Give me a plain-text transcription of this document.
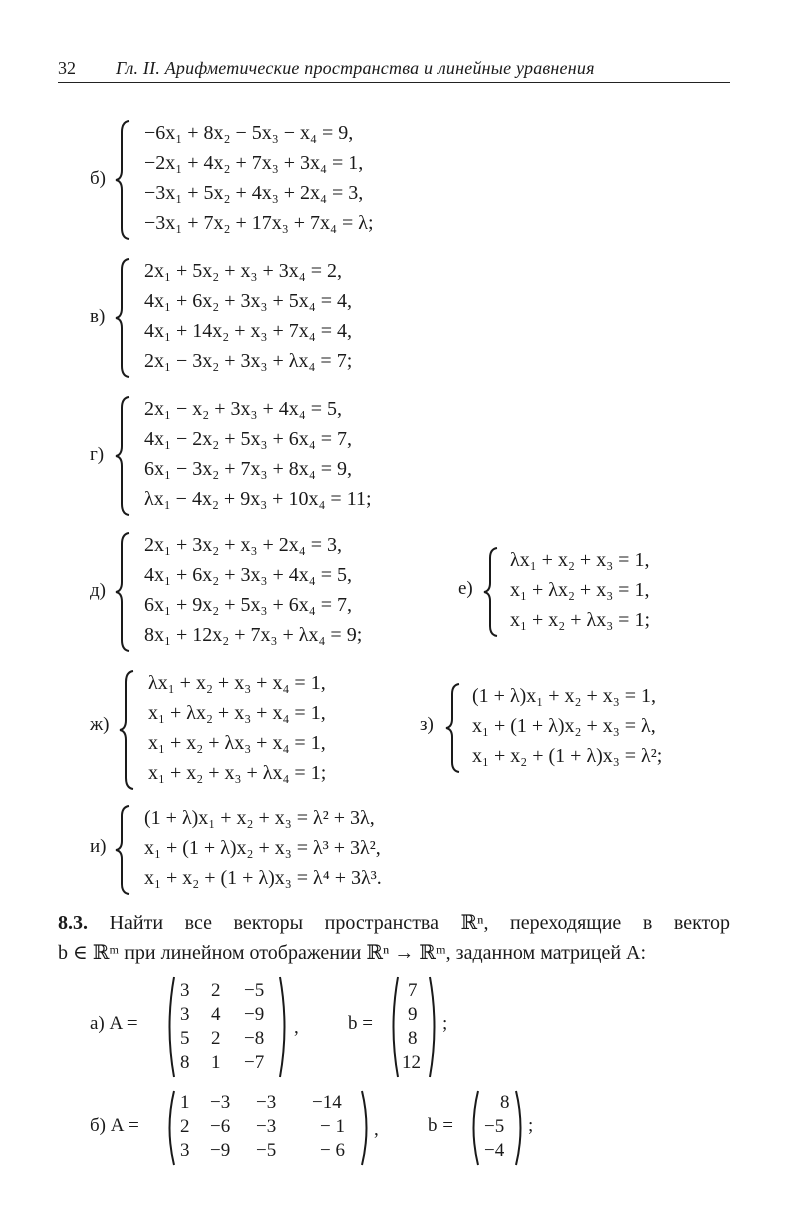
32 Гл. II. Арифметические пространства и линейные уравнения
б)
−6x₁ + 8x₂ − 5x₃ − x₄ = 9,
−2x₁ + 4x₂ + 7x₃ + 3x₄ = 1,
−3x₁ + 5x₂ + 4x₃ + 2x₄ = 3,
−3x₁ + 7x₂ + 17x₃ + 7x₄ = λ;
в)
2x₁ + 5x₂ + x₃ + 3x₄ = 2,
4x₁ + 6x₂ + 3x₃ + 5x₄ = 4,
4x₁ + 14x₂ + x₃ + 7x₄ = 4,
2x₁ − 3x₂ + 3x₃ + λx₄ = 7;
г)
2x₁ − x₂ + 3x₃ + 4x₄ = 5,
4x₁ − 2x₂ + 5x₃ + 6x₄ = 7,
6x₁ − 3x₂ + 7x₃ + 8x₄ = 9,
λx₁ − 4x₂ + 9x₃ + 10x₄ = 11;
д)
2x₁ + 3x₂ + x₃ + 2x₄ = 3,
4x₁ + 6x₂ + 3x₃ + 4x₄ = 5,
6x₁ + 9x₂ + 5x₃ + 6x₄ = 7,
8x₁ + 12x₂ + 7x₃ + λx₄ = 9;
е)
λx₁ + x₂ + x₃ = 1,
x₁ + λx₂ + x₃ = 1,
x₁ + x₂ + λx₃ = 1;
ж)
λx₁ + x₂ + x₃ + x₄ = 1,
x₁ + λx₂ + x₃ + x₄ = 1,
x₁ + x₂ + λx₃ + x₄ = 1,
x₁ + x₂ + x₃ + λx₄ = 1;
з)
(1 + λ)x₁ + x₂ + x₃ = 1,
x₁ + (1 + λ)x₂ + x₃ = λ,
x₁ + x₂ + (1 + λ)x₃ = λ²;
и)
(1 + λ)x₁ + x₂ + x₃ = λ² + 3λ,
x₁ + (1 + λ)x₂ + x₃ = λ³ + 3λ²,
x₁ + x₂ + (1 + λ)x₃ = λ⁴ + 3λ³.
8.3. Найти все векторы пространства ℝⁿ, переходящие в вектор
b ∈ ℝᵐ при линейном отображении ℝⁿ → ℝᵐ, заданном матрицей A:
а) A =
3 2 −5
3 4 −9
5 2 −8
8 1 −7
,	b =
7
9
8
12
;
б) A =
1 −3 −3 −14
2 −6 −3 − 1
3 −9 −5 − 6
,	b =
8
−5
−4
;
